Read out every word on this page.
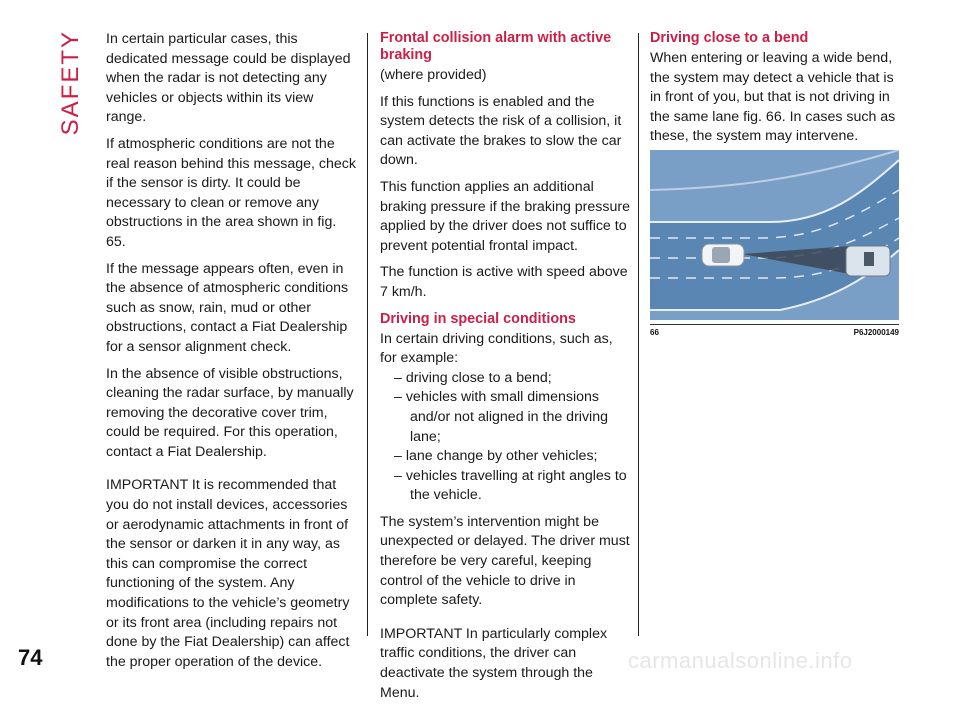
SAFETY In certain particular cases, this dedicated message could be displayed when the radar is not detecting any vehicles or objects within its view range.

If atmospheric conditions are not the real reason behind this message, check if the sensor is dirty. It could be necessary to clean or remove any obstructions in the area shown in fig. 65.

If the message appears often, even in the absence of atmospheric conditions such as snow, rain, mud or other obstructions, contact a Fiat Dealership for a sensor alignment check.

In the absence of visible obstructions, cleaning the radar surface, by manually removing the decorative cover trim, could be required. For this operation, contact a Fiat Dealership.

IMPORTANT It is recommended that you do not install devices, accessories or aerodynamic attachments in front of the sensor or darken it in any way, as this can compromise the correct functioning of the system. Any modifications to the vehicle’s geometry or its front area (including repairs not done by the Fiat Dealership) can affect the proper operation of the device.

Frontal collision alarm with active braking

(where provided)

If this functions is enabled and the system detects the risk of a collision, it can activate the brakes to slow the car down.

This function applies an additional braking pressure if the braking pressure applied by the driver does not suffice to prevent potential frontal impact.

The function is active with speed above 7 km/h.

Driving in special conditions

In certain driving conditions, such as, for example:

– driving close to a bend;
– vehicles with small dimensions and/or not aligned in the driving lane;
– lane change by other vehicles;
– vehicles travelling at right angles to the vehicle.

The system’s intervention might be unexpected or delayed. The driver must therefore be very careful, keeping control of the vehicle to drive in complete safety.

IMPORTANT In particularly complex traffic conditions, the driver can deactivate the system through the Menu.

Driving close to a bend

When entering or leaving a wide bend, the system may detect a vehicle that is in front of you, but that is not driving in the same lane fig. 66. In cases such as these, the system may intervene.

66	P6J2000149
74	carmanualsonline.info
